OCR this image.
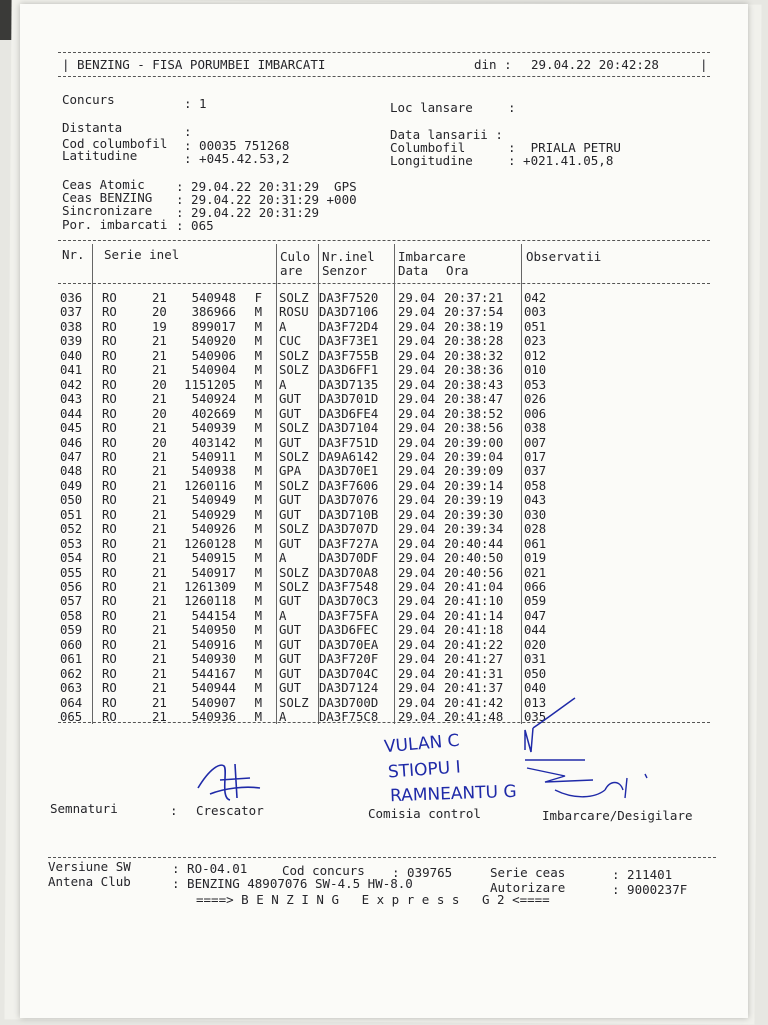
| BENZING - FISA PORUMBEI IMBARCATI	din : 29.04.22 20:42:28	|
Concurs	: 1	Loc lansare	:
Distanta	:	Data lansarii :
Cod columbofil : 00035 751268	Columbofil	:  PRIALA PETRU
Latitudine	: +045.42.53,2	Longitudine	: +021.41.05,8
Ceas Atomic : 29.04.22 20:31:29  GPS
Ceas BENZING : 29.04.22 20:31:29 +000
Sincronizare : 29.04.22 20:31:29
Por. imbarcati : 065
Nr. Serie inel	Culo
are
Nr.inel
Senzor
Imbarcare
Data Ora
Observatii
036 RO	21 540948 F SOLZ DA3F7520 29.04 20:37:21 042
037 RO	20 386966 M ROSU DA3D7106 29.04 20:37:54 003
038 RO	19 899017 M A	DA3F72D4 29.04 20:38:19 051
039 RO	21 540920 M CUC DA3F73E1 29.04 20:38:28 023
040 RO	21 540906 M SOLZ DA3F755B 29.04 20:38:32 012
041 RO	21 540904 M SOLZ DA3D6FF1 29.04 20:38:36 010
042 RO	20 1151205 M A	DA3D7135 29.04 20:38:43 053
043 RO	21 540924 M GUT DA3D701D 29.04 20:38:47 026
044 RO	20 402669 M GUT DA3D6FE4 29.04 20:38:52 006
045 RO	21 540939 M SOLZ DA3D7104 29.04 20:38:56 038
046 RO	20 403142 M GUT DA3F751D 29.04 20:39:00 007
047 RO	21 540911 M SOLZ DA9A6142 29.04 20:39:04 017
048 RO	21 540938 M GPA DA3D70E1 29.04 20:39:09 037
049 RO	21 1260116 M SOLZ DA3F7606 29.04 20:39:14 058
050 RO	21 540949 M GUT DA3D7076 29.04 20:39:19 043
051 RO	21 540929 M GUT DA3D710B 29.04 20:39:30 030
052 RO	21 540926 M SOLZ DA3D707D 29.04 20:39:34 028
053 RO	21 1260128 M GUT DA3F727A 29.04 20:40:44 061
054 RO	21 540915 M A	DA3D70DF 29.04 20:40:50 019
055 RO	21 540917 M SOLZ DA3D70A8 29.04 20:40:56 021
056 RO	21 1261309 M SOLZ DA3F7548 29.04 20:41:04 066
057 RO	21 1260118 M GUT DA3D70C3 29.04 20:41:10 059
058 RO	21 544154 M A	DA3F75FA 29.04 20:41:14 047
059 RO	21 540950 M GUT DA3D6FEC 29.04 20:41:18 044
060 RO	21 540916 M GUT DA3D70EA 29.04 20:41:22 020
061 RO	21 540930 M GUT DA3F720F 29.04 20:41:27 031
062 RO	21 544167 M GUT DA3D704C 29.04 20:41:31 050
063 RO	21 540944 M GUT DA3D7124 29.04 20:41:37 040
064 RO	21 540907 M SOLZ DA3D700D 29.04 20:41:42 013
065 RO	21 540936 M A	DA3F75C8 29.04 20:41:48 035
VULAN C
STIOPU I
RAMNEANTU G
Semnaturi	: Crescator	Comisia control	Imbarcare/Desigilare
Versiune SW	: RO-04.01	Cod concurs : 039765	Serie ceas	: 211401
Antena Club	: BENZING 48907076 SW-4.5 HW-8.0	Autorizare	: 9000237F
====> B E N Z I N G   E x p r e s s   G 2 <====
